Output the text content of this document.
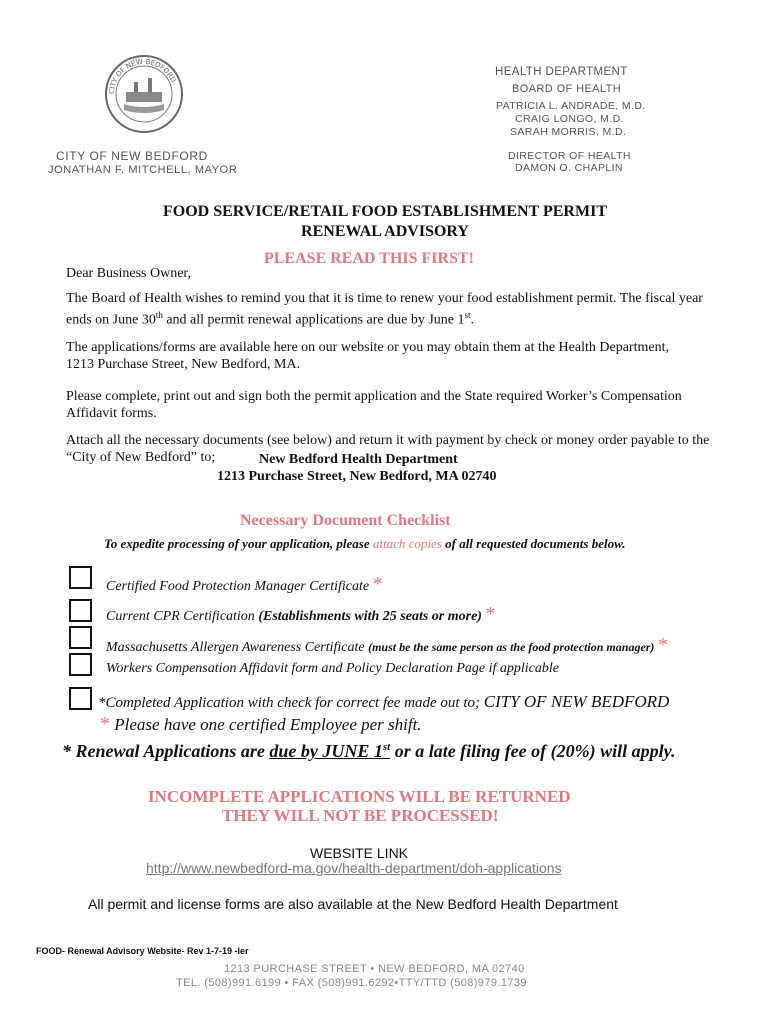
CITY OF NEW BEDFORD
CITY OF NEW BEDFORD
JONATHAN F. MITCHELL, MAYOR
HEALTH DEPARTMENT
BOARD OF HEALTH
PATRICIA L. ANDRADE, M.D.
CRAIG LONGO, M.D.
SARAH MORRIS, M.D.
DIRECTOR OF HEALTH
DAMON O. CHAPLIN
FOOD SERVICE/RETAIL FOOD ESTABLISHMENT PERMIT
RENEWAL ADVISORY
PLEASE READ THIS FIRST!
Dear Business Owner,
The Board of Health wishes to remind you that it is time to renew your food establishment permit. The fiscal year
ends on June 30th and all permit renewal applications are due by June 1st.
The applications/forms are available here on our website or you may obtain them at the Health Department,
1213 Purchase Street, New Bedford, MA.
Please complete, print out and sign both the permit application and the State required Worker’s Compensation
Affidavit forms.
Attach all the necessary documents (see below) and return it with payment by check or money order payable to the
“City of New Bedford” to;	New Bedford Health Department
1213 Purchase Street, New Bedford, MA 02740
Necessary Document Checklist
To expedite processing of your application, please attach copies of all requested documents below.
Certified Food Protection Manager Certificate *
Current CPR Certification (Establishments with 25 seats or more) *
Massachusetts Allergen Awareness Certificate (must be the same person as the food protection manager) *
Workers Compensation Affidavit form and Policy Declaration Page if applicable
*Completed Application with check for correct fee made out to; CITY OF NEW BEDFORD
* Please have one certified Employee per shift.
* Renewal Applications are due by JUNE 1st or a late filing fee of (20%) will apply.
INCOMPLETE APPLICATIONS WILL BE RETURNED
THEY WILL NOT BE PROCESSED!
WEBSITE LINK
http://www.newbedford-ma.gov/health-department/doh-applications
All permit and license forms are also available at the New Bedford Health Department
FOOD- Renewal Advisory Website- Rev 1-7-19 -ler
1213 PURCHASE STREET • NEW BEDFORD, MA 02740
TEL. (508)991.6199 • FAX (508)991.6292•TTY/TTD (508)979.1739
